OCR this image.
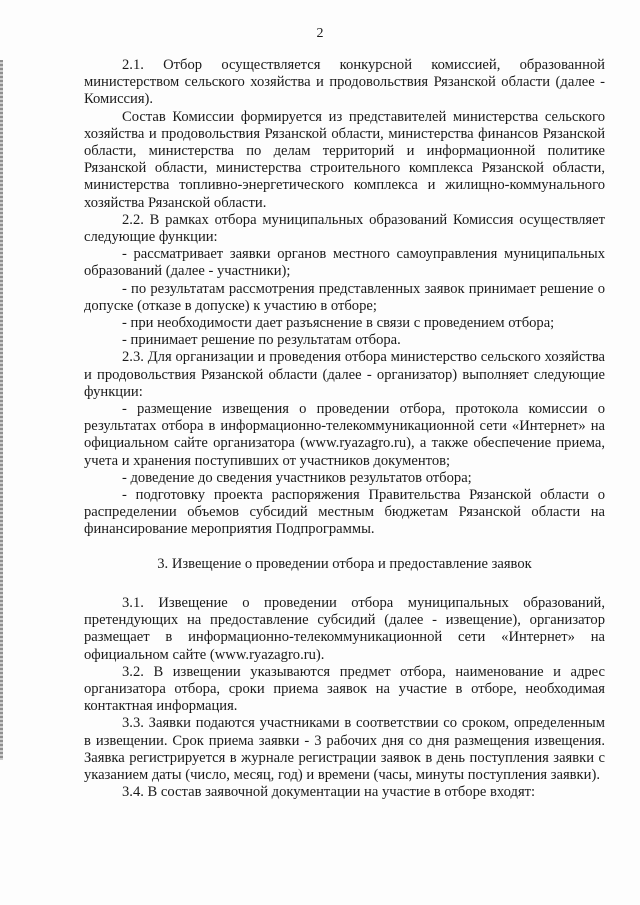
2

2.1. Отбор осуществляется конкурсной комиссией, образованной министерством сельского хозяйства и продовольствия Рязанской области (далее - Комиссия).

Состав Комиссии формируется из представителей министерства сельского хозяйства и продовольствия Рязанской области, министерства финансов Рязанской области, министерства по делам территорий и информационной политике Рязанской области, министерства строительного комплекса Рязанской области, министерства топливно-энергетического комплекса и жилищно-коммунального хозяйства Рязанской области.

2.2. В рамках отбора муниципальных образований Комиссия осуществляет следующие функции:

- рассматривает заявки органов местного самоуправления муниципальных образований (далее - участники);

- по результатам рассмотрения представленных заявок принимает решение о допуске (отказе в допуске) к участию в отборе;

- при необходимости дает разъяснение в связи с проведением отбора;

- принимает решение по результатам отбора.

2.3. Для организации и проведения отбора министерство сельского хозяйства и продовольствия Рязанской области (далее - организатор) выполняет следующие функции:

- размещение извещения о проведении отбора, протокола комиссии о результатах отбора в информационно-телекоммуникационной сети «Интернет» на официальном сайте организатора (www.ryazagro.ru), а также обеспечение приема, учета и хранения поступивших от участников документов;

- доведение до сведения участников результатов отбора;

- подготовку проекта распоряжения Правительства Рязанской области о распределении объемов субсидий местным бюджетам Рязанской области на финансирование мероприятия Подпрограммы.

3. Извещение о проведении отбора и предоставление заявок

3.1. Извещение о проведении отбора муниципальных образований, претендующих на предоставление субсидий (далее - извещение), организатор размещает в информационно-телекоммуникационной сети «Интернет» на официальном сайте (www.ryazagro.ru).

3.2. В извещении указываются предмет отбора, наименование и адрес организатора отбора, сроки приема заявок на участие в отборе, необходимая контактная информация.

3.3. Заявки подаются участниками в соответствии со сроком, определенным в извещении. Срок приема заявки - 3 рабочих дня со дня размещения извещения. Заявка регистрируется в журнале регистрации заявок в день поступления заявки с указанием даты (число, месяц, год) и времени (часы, минуты поступления заявки).

3.4. В состав заявочной документации на участие в отборе входят:
